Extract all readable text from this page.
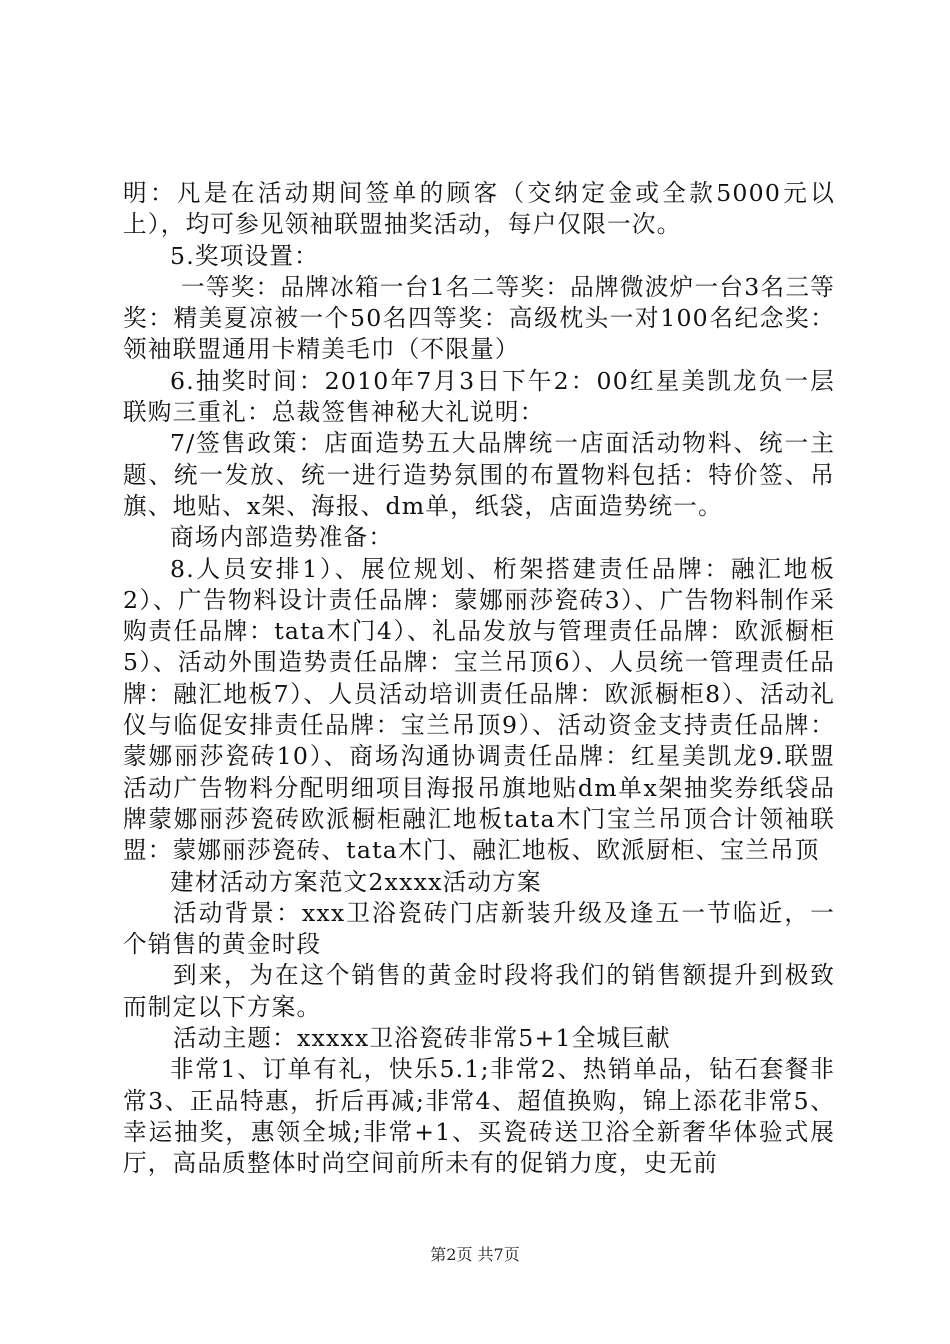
明：凡是在活动期间签单的顾客（交纳定金或全款5000元以上），均可参见领袖联盟抽奖活动，每户仅限一次。

5.奖项设置：

一等奖：品牌冰箱一台1名二等奖：品牌微波炉一台3名三等奖：精美夏凉被一个50名四等奖：高级枕头一对100名纪念奖：领袖联盟通用卡精美毛巾（不限量）

6.抽奖时间：2010年7月3日下午2：00红星美凯龙负一层联购三重礼：总裁签售神秘大礼说明：

7/签售政策：店面造势五大品牌统一店面活动物料、统一主题、统一发放、统一进行造势氛围的布置物料包括：特价签、吊旗、地贴、x架、海报、dm单，纸袋，店面造势统一。

商场内部造势准备：

8.人员安排1）、展位规划、桁架搭建责任品牌：融汇地板2）、广告物料设计责任品牌：蒙娜丽莎瓷砖3）、广告物料制作采购责任品牌：tata木门4）、礼品发放与管理责任品牌：欧派橱柜5）、活动外围造势责任品牌：宝兰吊顶6）、人员统一管理责任品牌：融汇地板7）、人员活动培训责任品牌：欧派橱柜8）、活动礼仪与临促安排责任品牌：宝兰吊顶9）、活动资金支持责任品牌：蒙娜丽莎瓷砖10）、商场沟通协调责任品牌：红星美凯龙9.联盟活动广告物料分配明细项目海报吊旗地贴dm单x架抽奖券纸袋品牌蒙娜丽莎瓷砖欧派橱柜融汇地板tata木门宝兰吊顶合计领袖联盟：蒙娜丽莎瓷砖、tata木门、融汇地板、欧派厨柜、宝兰吊顶

建材活动方案范文2xxxx活动方案

活动背景：xxx卫浴瓷砖门店新装升级及逢五一节临近，一个销售的黄金时段

到来，为在这个销售的黄金时段将我们的销售额提升到极致而制定以下方案。

活动主题：xxxxx卫浴瓷砖非常5+1全城巨献

非常1、订单有礼，快乐5.1;非常2、热销单品，钻石套餐非常3、正品特惠，折后再减;非常4、超值换购，锦上添花非常5、幸运抽奖，惠领全城;非常+1、买瓷砖送卫浴全新奢华体验式展厅，高品质整体时尚空间前所未有的促销力度，史无前

第2页 共7页
